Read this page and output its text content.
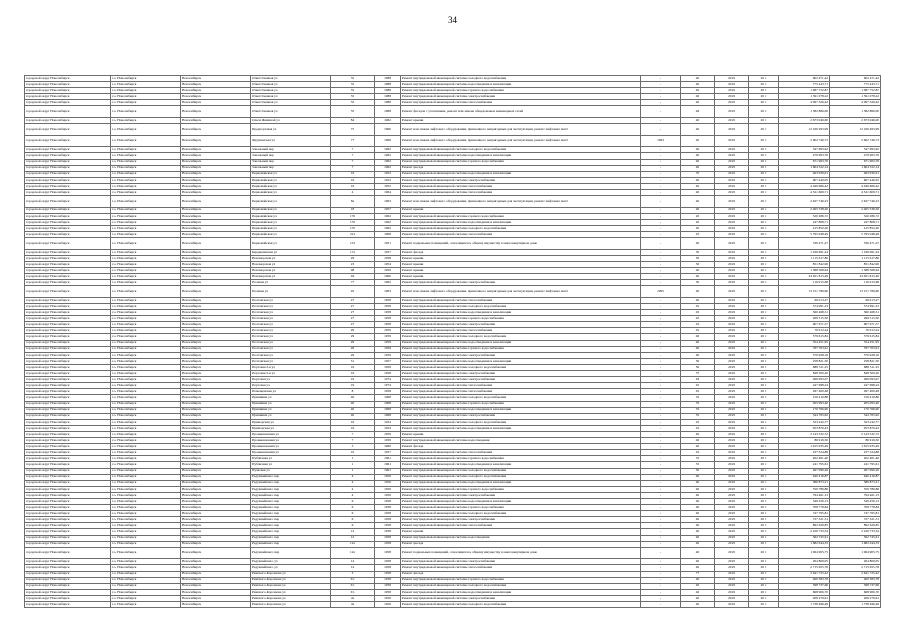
34
городской округ Новосибирск	г.о. Новосибирск	Новосибирск	Ответственная ул	35	1988	Ремонт внутридомовой инженерной системы холодного водоснабжения	-	40	2019	20 г	602 471,42	602 471,42
городской округ Новосибирск	г.о. Новосибирск	Новосибирск	Ответственная ул	35	1988	Ремонт внутридомовой инженерной системы водоотведения и канализации	-	40	2019	20 г	775 443,71	775 443,71
городской округ Новосибирск	г.о. Новосибирск	Новосибирск	Ответственная ул	35	1988	Ремонт внутридомовой инженерной системы горячего водоснабжения	-	40	2019	20 г	1 087 752,87	1 087 752,87
городской округ Новосибирск	г.о. Новосибирск	Новосибирск	Ответственная ул	35	1988	Ремонт внутридомовой инженерной системы электроснабжения	-	40	2019	20 г	1 591 078,22	1 591 078,22
городской округ Новосибирск	г.о. Новосибирск	Новосибирск	Ответственная ул	35	1988	Ремонт внутридомовой инженерной системы теплоснабжения	-	40	2019	20 г	4 097 326,42	4 097 326,42
городской округ Новосибирск	г.о. Новосибирск	Новосибирск	Ответственная ул	35	1988	Ремонт фасадов с утеплением, ремонт или замена общедомовых инженерных сетей	-	46	2019	20 г	1 582 866,00	1 582 866,00
городской округ Новосибирск	г.о. Новосибирск	Новосибирск	Ольги Жилиной ул	84	1962	Ремонт крыши	-	40	2019	20 г	2 673 046,00	2 673 046,00
городской округ Новосибирск	г.о. Новосибирск	Новосибирск	Предпортовая ул	75	1960	Ремонт или замена лифтового оборудования, признанного непригодным для эксплуатации, ремонт лифтовых шахт	-	40	2019	20 г	12 166 495,99	12 166 495,99
городской округ Новосибирск	г.о. Новосибирск	Новосибирск	Фрунзенская ул	77	1996	Ремонт или замена лифтового оборудования, признанного непригодным для эксплуатации, ремонт лифтовых шахт	1993	40	2019	20 г	2 602 746,73	2 602 746,73
городской округ Новосибирск	г.о. Новосибирск	Новосибирск	Зональный пер	7	1962	Ремонт внутридомовой инженерной системы холодного водоснабжения	-	40	2019	20 г	347 693,92	347 693,92
городской округ Новосибирск	г.о. Новосибирск	Новосибирск	Зональный пер	7	1962	Ремонт внутридомовой инженерной системы водоотведения и канализации	-	40	2019	20 г	479 963,76	479 963,76
городской округ Новосибирск	г.о. Новосибирск	Новосибирск	Зональный пер	7	1962	Ремонт внутридомовой инженерной системы горячего водоснабжения	-	40	2019	20 г	671 963,76	671 963,76
городской округ Новосибирск	г.о. Новосибирск	Новосибирск	Зональный пер	7	1962	Ремонт фасада	-	40	2019	20 г	1 604 522,14	1 604 522,14
городской округ Новосибирск	г.о. Новосибирск	Новосибирск	Первомайская ул	16	1952	Ремонт внутридомовой инженерной системы водоотведения и канализации	-	70	2019	20 г	463 930,01	463 930,01
городской округ Новосибирск	г.о. Новосибирск	Новосибирск	Первомайская ул	16	1952	Ремонт внутридомовой инженерной системы электроснабжения	-	40	2019	20 г	607 440,05	607 440,05
городской округ Новосибирск	г.о. Новосибирск	Новосибирск	Первомайская ул	16	1952	Ремонт внутридомовой инженерной системы теплоснабжения	-	40	2019	20 г	4 049 666,42	4 049 666,42
городской округ Новосибирск	г.о. Новосибирск	Новосибирск	Первомайская ул	4	1964	Ремонт внутридомовой инженерной системы теплоснабжения	-	40	2019	20 г	4 521 609,71	4 521 609,71
городской округ Новосибирск	г.о. Новосибирск	Новосибирск	Первомайская ул	8a	1963	Ремонт или замена лифтового оборудования, признанного непригодным для эксплуатации, ремонт лифтовых шахт	-	40	2019	20 г	2 627 746,23	2 627 746,23
городской округ Новосибирск	г.о. Новосибирск	Новосибирск	Первомайская ул	18	1957	Ремонт крыши	-	40	2019	20 г	2 465 538,26	2 465 538,26
городской округ Новосибирск	г.о. Новосибирск	Новосибирск	Первомайская ул	170	1962	Ремонт внутридомовой инженерной системы горячего водоснабжения	-	20	2019	20 г	520 286,72	520 286,72
городской округ Новосибирск	г.о. Новосибирск	Новосибирск	Первомайская ул	170	1962	Ремонт внутридомовой инженерной системы водоотведения и канализации	-	20	2019	20 г	247 808,71	247 808,71
городской округ Новосибирск	г.о. Новосибирск	Новосибирск	Первомайская ул	170	1962	Ремонт внутридомовой инженерной системы холодного водоснабжения	-	20	2019	20 г	415 852,20	415 852,20
городской округ Новосибирск	г.о. Новосибирск	Новосибирск	Первомайская ул	212	1968	Ремонт внутридомовой инженерной системы теплоснабжения	-	45	2019	20 г	5 795 048,49	5 795 048,49
городской округ Новосибирск	г.о. Новосибирск	Новосибирск	Первомайская ул	152	1951	Ремонт подвальных помещений, относящихся к общему имуществу в многоквартирном доме	-	40	2019	20 г	336 471,27	336 471,27
городской округ Новосибирск	г.о. Новосибирск	Новосибирск	Бердышевская ул	17а	1957	Ремонт фасада	-	50	2019	20 г	1 196 691,24	1 196 691,24
городской округ Новосибирск	г.о. Новосибирск	Новосибирск	Новоморская ул	26	1958	Ремонт крыши	-	50	2019	20 г	1 115 617,86	1 115 617,86
городской округ Новосибирск	г.о. Новосибирск	Новосибирск	Новоморская ул	23	1954	Ремонт крыши	-	50	2019	20 г	851 842,96	851 842,96
городской округ Новосибирск	г.о. Новосибирск	Новосибирск	Новоморская ул	98	1956	Ремонт крыши	-	40	2019	20 г	1 588 568,64	1 588 568,64
городской округ Новосибирск	г.о. Новосибирск	Новосибирск	Новоморская ул	94	1960	Ремонт крыши	-	40	2019	20 г	34 651 815,49	34 651 815,49
городской округ Новосибирск	г.о. Новосибирск	Новосибирск	Полевая ул	77	1962	Ремонт внутридомовой инженерной системы электроснабжения	-	50	2019	20 г	116 915,68	116 915,68
городской округ Новосибирск	г.о. Новосибирск	Новосибирск	Полевая ул	92	1963	Ремонт или замена лифтового оборудования, признанного непригодным для эксплуатации, ремонт лифтовых шахт	1995	40	2019	20 г	13 151 786,60	13 151 786,60
городской округ Новосибирск	г.о. Новосибирск	Новосибирск	Полтавская ул	27	1958	Ремонт внутридомовой инженерной системы теплоснабжения	-	40	2019	20 г	69 013,27	69 013,27
городской округ Новосибирск	г.о. Новосибирск	Новосибирск	Полтавская ул	27	1958	Ремонт внутридомовой инженерной системы холодного водоснабжения	-	45	2019	20 г	574 991,23	574 991,23
городской округ Новосибирск	г.о. Новосибирск	Новосибирск	Полтавская ул	27	1958	Ремонт внутридомовой инженерной системы водоотведения и канализации	-	45	2019	20 г	360 468,31	360 468,31
городской округ Новосибирск	г.о. Новосибирск	Новосибирск	Полтавская ул	27	1958	Ремонт внутридомовой инженерной системы горячего водоснабжения	-	45	2019	20 г	269 515,30	269 515,30
городской округ Новосибирск	г.о. Новосибирск	Новосибирск	Полтавская ул	27	1958	Ремонт внутридомовой инженерной системы электроснабжения	-	45	2019	20 г	607 671,57	607 671,57
городской округ Новосибирск	г.о. Новосибирск	Новосибирск	Полтавская ул	29	1959	Ремонт внутридомовой инженерной системы теплоснабжения	-	45	2019	20 г	76 912,24	76 912,24
городской округ Новосибирск	г.о. Новосибирск	Новосибирск	Полтавская ул	29	1959	Ремонт внутридомовой инженерной системы холодного водоснабжения	-	40	2019	20 г	579 615,84	579 615,84
городской округ Новосибирск	г.о. Новосибирск	Новосибирск	Полтавская ул	29	1959	Ремонт внутридомовой инженерной системы водоотведения и канализации	-	40	2019	20 г	354 451,95	354 451,95
городской округ Новосибирск	г.о. Новосибирск	Новосибирск	Полтавская ул	29	1959	Ремонт внутридомовой инженерной системы горячего водоснабжения	-	40	2019	20 г	767 703,61	767 703,61
городской округ Новосибирск	г.о. Новосибирск	Новосибирск	Полтавская ул	29	1959	Ремонт внутридомовой инженерной системы электроснабжения	-	40	2019	20 г	570 928,16	570 928,16
городской округ Новосибирск	г.о. Новосибирск	Новосибирск	Полтавская ул	51	1957	Ремонт внутридомовой инженерной системы водоотведения и канализации	-	50	2019	20 г	258 821,50	258 821,50
городской округ Новосибирск	г.о. Новосибирск	Новосибирск	Портовая 2-я ул	16	1958	Ремонт внутридомовой инженерной системы холодного водоснабжения	-	50	2019	20 г	688 511,25	688 511,25
городской округ Новосибирск	г.о. Новосибирск	Новосибирск	Портовая 2-я ул	16	1958	Ремонт внутридомовой инженерной системы электроснабжения	-	37	2019	20 г	848 300,20	848 300,20
городской округ Новосибирск	г.о. Новосибирск	Новосибирск	Портовая ул	19	1974	Ремонт внутридомовой инженерной системы электроснабжения	-	63	2019	20 г	496 093,07	496 093,07
городской округ Новосибирск	г.о. Новосибирск	Новосибирск	Портовая ул	19	1974	Ремонт внутридомовой инженерной системы теплоснабжения	-	45	2019	20 г	447 698,24	447 698,24
городской округ Новосибирск	г.о. Новосибирск	Новосибирск	Помещенская ул	8	1958	Ремонт внутридомовой инженерной системы теплоснабжения	-	45	2019	20 г	297 400,48	297 400,48
городской округ Новосибирск	г.о. Новосибирск	Новосибирск	Пришвина ул	40	1968	Ремонт внутридомовой инженерной системы холодного водоснабжения	-	35	2019	20 г	156 410,86	156 410,86
городской округ Новосибирск	г.о. Новосибирск	Новосибирск	Пришвина ул	40	1968	Ремонт внутридомовой инженерной системы горячего водоснабжения	-	35	2019	20 г	205 093,40	205 093,40
городской округ Новосибирск	г.о. Новосибирск	Новосибирск	Пришвина ул	40	1968	Ремонт внутридомовой инженерной системы водоотведения и канализации	-	35	2019	20 г	170 766,90	170 766,90
городской округ Новосибирск	г.о. Новосибирск	Новосибирск	Пришвина ул	40	1968	Ремонт внутридомовой инженерной системы электроснабжения	-	35	2019	20 г	344 765,92	344 765,92
городской округ Новосибирск	г.о. Новосибирск	Новосибирск	Приморская ул	16	1954	Ремонт внутридомовой инженерной системы холодного водоснабжения	-	45	2019	20 г	523 242,77	523 242,77
городской округ Новосибирск	г.о. Новосибирск	Новосибирск	Приморская ул	16	1954	Ремонт внутридомовой инженерной системы водоотведения и канализации	-	45	2019	20 г	953 870,43	953 870,43
городской округ Новосибирск	г.о. Новосибирск	Новосибирск	Промышленная ул	7	1959	Ремонт крыши	-	40	2019	20 г	2 143 532,72	2 143 532,72
городской округ Новосибирск	г.о. Новосибирск	Новосибирск	Промышленная ул	7	1959	Ремонт внутридомовой инженерной системы водоотведения	-	40	2019	20 г	86 916,50	86 916,50
городской округ Новосибирск	г.о. Новосибирск	Новосибирск	Промышленная ул	3	1960	Ремонт фасада	-	40	2019	20 г	1 615 935,49	1 615 935,49
городской округ Новосибирск	г.о. Новосибирск	Новосибирск	Промышленная ул	10	1957	Ремонт внутридомовой инженерной системы теплоснабжения	-	45	2019	20 г	237 524,89	237 524,89
городской округ Новосибирск	г.о. Новосибирск	Новосибирск	Публичная ул	1	1961	Ремонт внутридомовой инженерной системы горячего водоснабжения	-	35	2019	20 г	202 401,40	202 401,40
городской округ Новосибирск	г.о. Новосибирск	Новосибирск	Публичная ул	1	1961	Ремонт внутридомовой инженерной системы водоотведения и канализации	-	35	2019	20 г	241 795,61	241 795,61
городской округ Новосибирск	г.о. Новосибирск	Новосибирск	Пулковая ул	1	1961	Ремонт внутридомовой инженерной системы холодного водоснабжения	-	30	2019	20 г	467 090,26	467 090,26
городской округ Новосибирск	г.о. Новосибирск	Новосибирск	Радужнейшего пер	4	1956	Ремонт внутридомовой инженерной системы холодного водоснабжения	-	40	2019	20 г	640 416,87	640 416,87
городской округ Новосибирск	г.о. Новосибирск	Новосибирск	Радужнейшего пер	4	1956	Ремонт внутридомовой инженерной системы водоотведения и канализации	-	40	2019	20 г	386 873,21	386 873,21
городской округ Новосибирск	г.о. Новосибирск	Новосибирск	Радужнейшего пер	4	1956	Ремонт внутридомовой инженерной системы горячего водоснабжения	-	40	2019	20 г	559 786,86	559 786,86
городской округ Новосибирск	г.о. Новосибирск	Новосибирск	Радужнейшего пер	4	1956	Ремонт внутридомовой инженерной системы электроснабжения	-	40	2019	20 г	794 461,13	794 461,13
городской округ Новосибирск	г.о. Новосибирск	Новосибирск	Радужнейшего пер	6	1958	Ремонт внутридомовой инженерной системы водоотведения и канализации	-	40	2019	20 г	549 456,13	549 456,13
городской округ Новосибирск	г.о. Новосибирск	Новосибирск	Радужнейшего пер	6	1958	Ремонт внутридомовой инженерной системы горячего водоснабжения	-	40	2019	20 г	708 778,84	708 778,84
городской округ Новосибирск	г.о. Новосибирск	Новосибирск	Радужнейшего пер	6	1958	Ремонт внутридомовой инженерной системы холодного водоснабжения	-	40	2019	20 г	747 765,81	747 765,81
городской округ Новосибирск	г.о. Новосибирск	Новосибирск	Радужнейшего пер	6	1958	Ремонт внутридомовой инженерной системы электроснабжения	-	40	2019	20 г	727 321,51	727 321,51
городской округ Новосибирск	г.о. Новосибирск	Новосибирск	Радужнейшего пер	6	1958	Ремонт внутридомовой инженерной системы теплоснабжения	-	40	2019	20 г	892 629,85	892 629,85
городской округ Новосибирск	г.о. Новосибирск	Новосибирск	Радужнейшего пер	12	1958	Ремонт крыши	-	40	2019	20 г	2 226 733,54	2 226 733,54
городской округ Новосибирск	г.о. Новосибирск	Новосибирск	Радужнейшего пер	12	1958	Ремонт внутридомовой инженерной системы водоотведения	-	40	2019	20 г	362 745,61	362 745,61
городской округ Новосибирск	г.о. Новосибирск	Новосибирск	Радужнейшего пер	12а	1958	Ремонт фасада	-	40	2019	20 г	1 682 044,33	1 682 044,33
городской округ Новосибирск	г.о. Новосибирск	Новосибирск	Радужнейшего пер	12а	1958	Ремонт подвальных помещений, относящихся к общему имуществу в многоквартирном доме	-	40	2019	20 г	1 064 905,75	1 064 905,75
городской округ Новосибирск	г.о. Новосибирск	Новосибирск	Радужнейшего ул	14	1958	Ремонт внутридомовой инженерной системы электроснабжения	-	40	2019	20 г	264 809,05	264 809,05
городской округ Новосибирск	г.о. Новосибирск	Новосибирск	Радужнейшего ул	14	1958	Ремонт внутридомовой инженерной системы теплоснабжения	-	40	2019	20 г	2 715 655,78	2 715 655,78
городской округ Новосибирск	г.о. Новосибирск	Новосибирск	Римского-Корсакова ул	3	1958	Ремонт фасада	-	77	2019	20 г	2 641 725,42	2 641 725,42
городской округ Новосибирск	г.о. Новосибирск	Новосибирск	Римского-Корсакова ул	3/1	1958	Ремонт внутридомовой инженерной системы горячего водоснабжения	-	40	2019	20 г	460 383,78	460 383,78
городской округ Новосибирск	г.о. Новосибирск	Новосибирск	Римского-Корсакова ул	3/1	1958	Ремонт внутридомовой инженерной системы холодного водоснабжения	-	40	2019	20 г	398 737,66	398 737,66
городской округ Новосибирск	г.о. Новосибирск	Новосибирск	Римского-Корсакова ул	3/1	1958	Ремонт внутридомовой инженерной системы водоотведения и канализации	-	40	2019	20 г	668 906,70	668 906,70
городской округ Новосибирск	г.о. Новосибирск	Новосибирск	Римского-Корсакова ул	4a	1956	Ремонт внутридомовой инженерной системы электроснабжения	-	40	2019	20 г	206 279,61	206 279,61
городской округ Новосибирск	г.о. Новосибирск	Новосибирск	Римского-Корсакова ул	4a	1956	Ремонт внутридомовой инженерной системы холодного водоснабжения	-	40	2019	20 г	1 738 496,49	1 738 496,49
